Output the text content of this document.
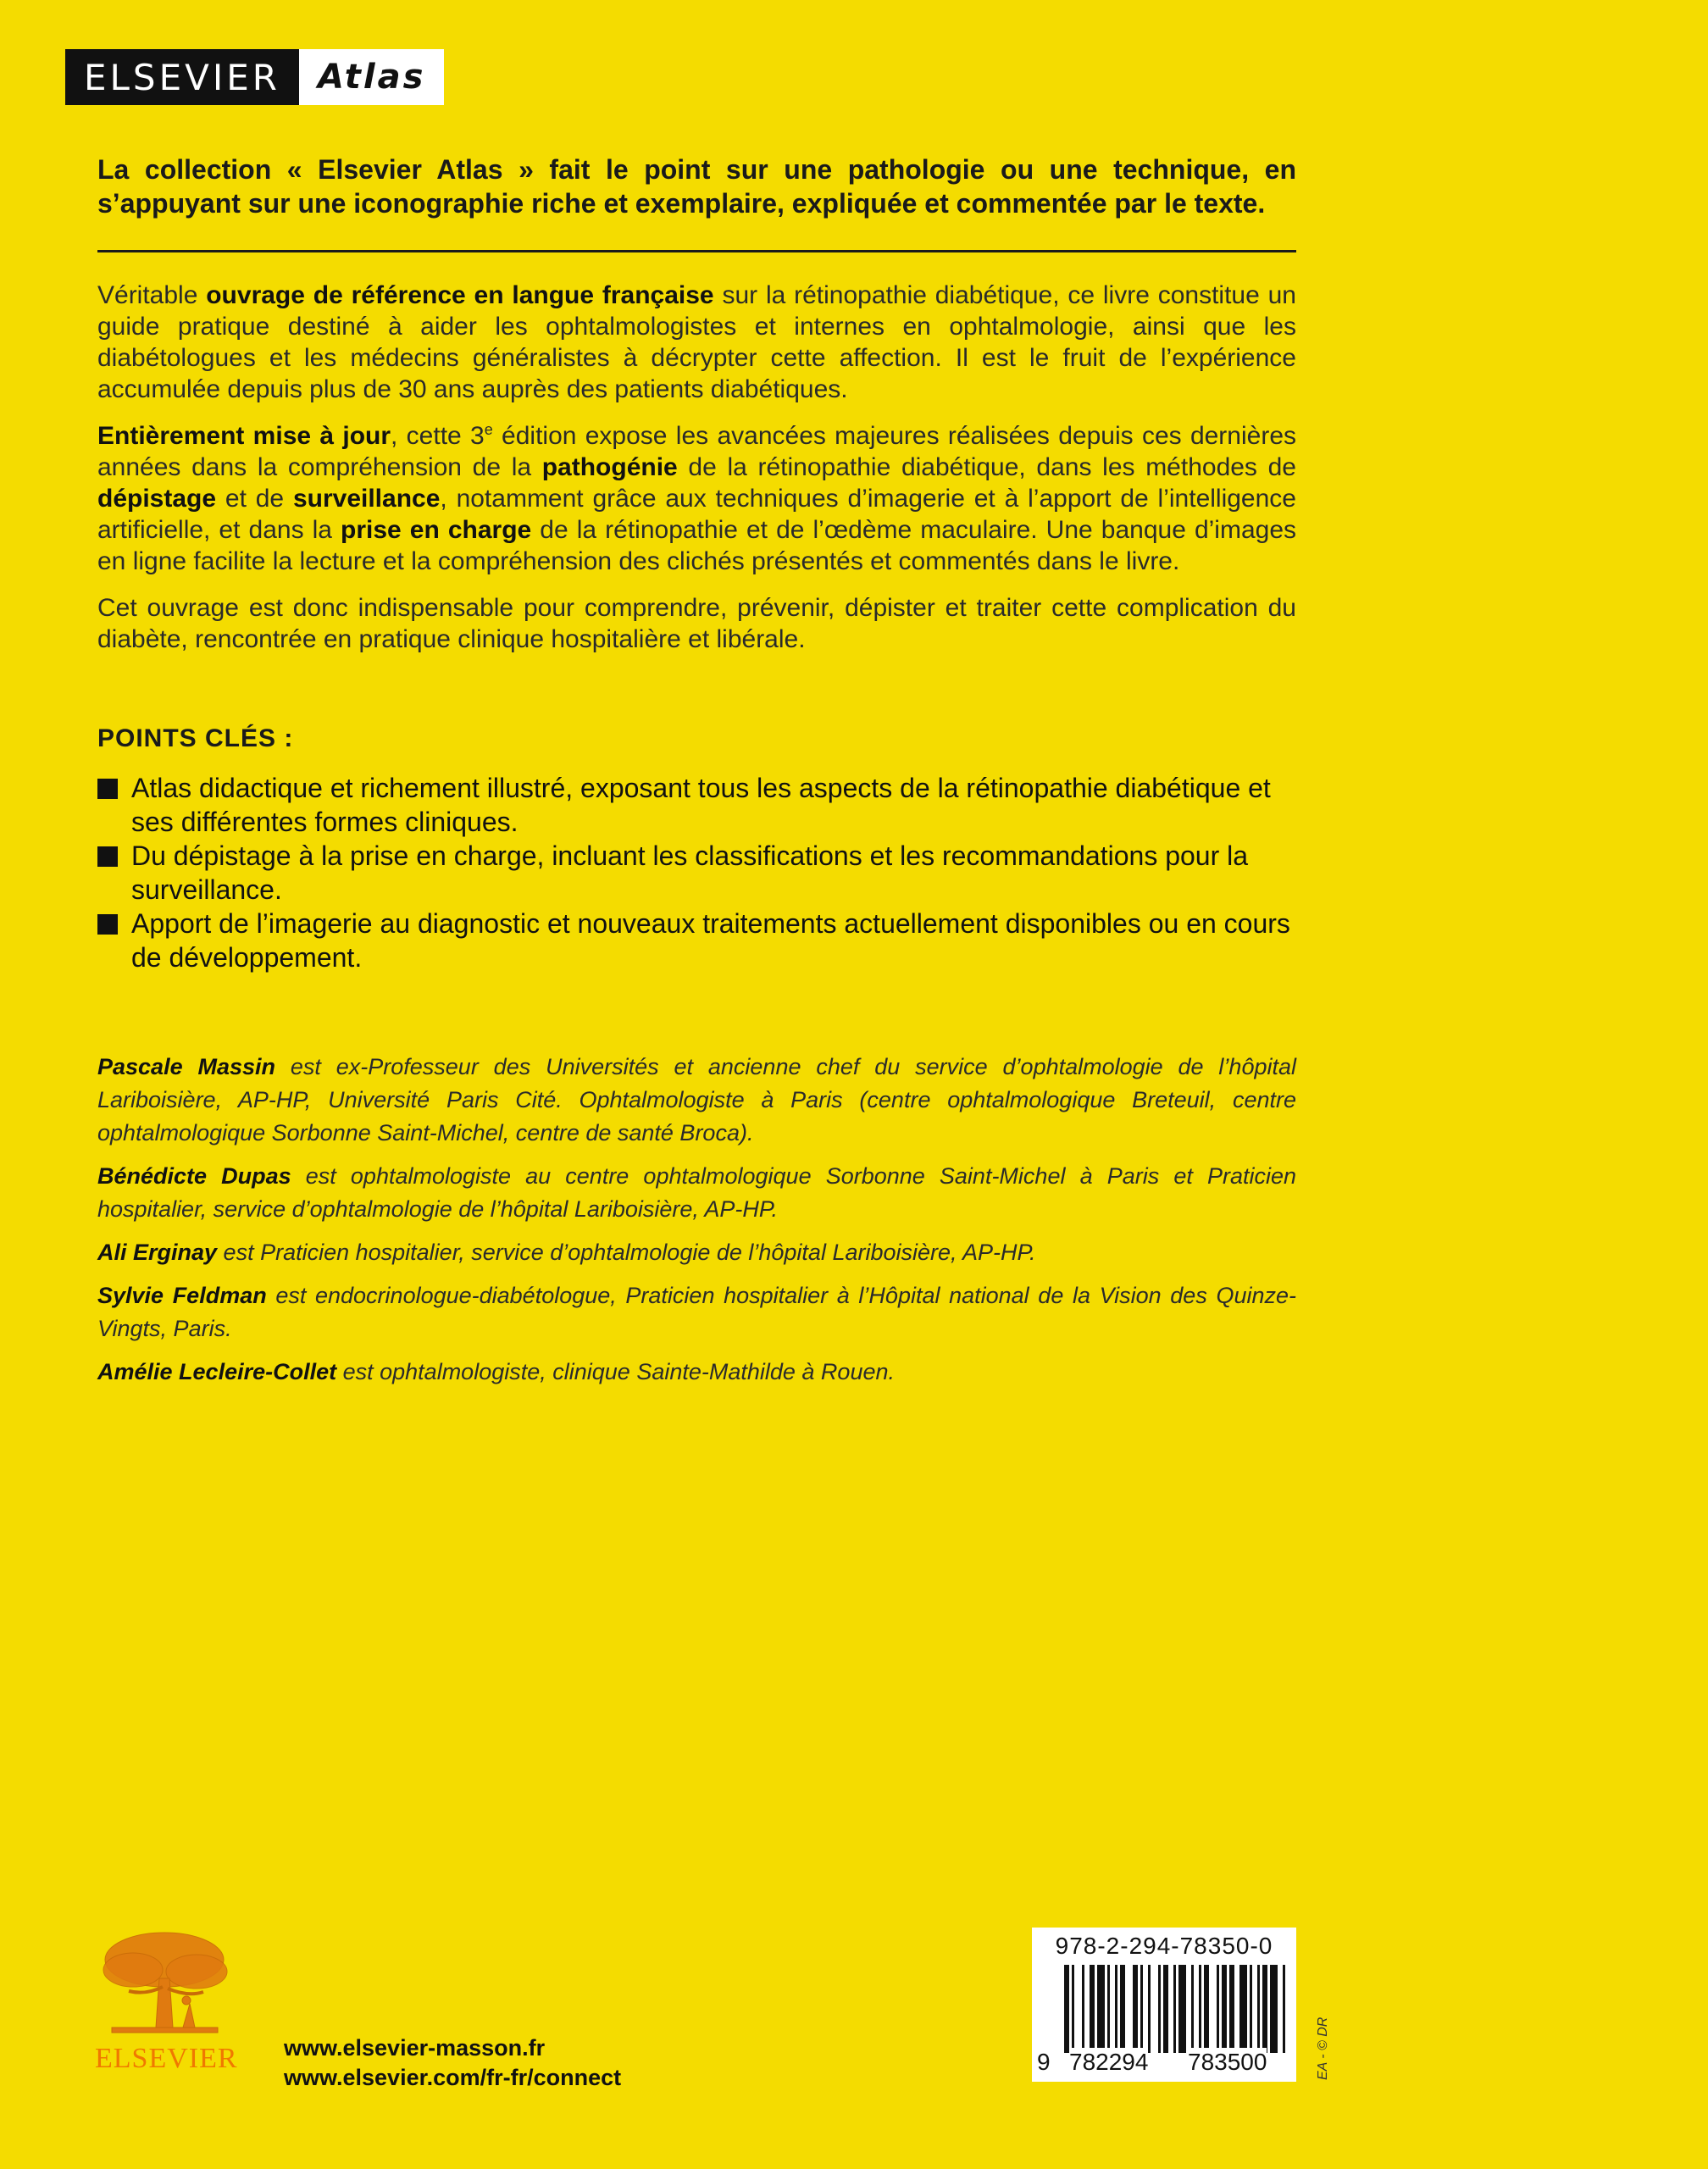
ELSEVIER	Atlas

La collection « Elsevier Atlas » fait le point sur une pathologie ou une technique, en s’appuyant sur une iconographie riche et exemplaire, expliquée et commentée par le texte.

Véritable ouvrage de référence en langue française sur la rétinopathie diabétique, ce livre constitue un guide pratique destiné à aider les ophtalmologistes et internes en ophtalmologie, ainsi que les diabétologues et les médecins généralistes à décrypter cette affection. Il est le fruit de l’expérience accumulée depuis plus de 30 ans auprès des patients diabétiques.

Entièrement mise à jour, cette 3e édition expose les avancées majeures réalisées depuis ces dernières années dans la compréhension de la pathogénie de la rétinopathie diabétique, dans les méthodes de dépistage et de surveillance, notamment grâce aux techniques d’imagerie et à l’apport de l’intelligence artificielle, et dans la prise en charge de la rétinopathie et de l’œdème maculaire. Une banque d’images en ligne facilite la lecture et la compréhension des clichés présentés et commentés dans le livre.

Cet ouvrage est donc indispensable pour comprendre, prévenir, dépister et traiter cette complication du diabète, rencontrée en pratique clinique hospitalière et libérale.

POINTS CLÉS :
Atlas didactique et richement illustré, exposant tous les aspects de la rétinopathie diabétique et ses différentes formes cliniques.
Du dépistage à la prise en charge, incluant les classifications et les recommandations pour la surveillance.
Apport de l’imagerie au diagnostic et nouveaux traitements actuellement disponibles ou en cours de développement.

Pascale Massin est ex-Professeur des Universités et ancienne chef du service d’ophtalmologie de l’hôpital Lariboisière, AP-HP, Université Paris Cité. Ophtalmologiste à Paris (centre ophtalmologique Breteuil, centre ophtalmologique Sorbonne Saint-Michel, centre de santé Broca).

Bénédicte Dupas est ophtalmologiste au centre ophtalmologique Sorbonne Saint-Michel à Paris et Praticien hospitalier, service d’ophtalmologie de l’hôpital Lariboisière, AP-HP.

Ali Erginay est Praticien hospitalier, service d’ophtalmologie de l’hôpital Lariboisière, AP-HP.

Sylvie Feldman est endocrinologue-diabétologue, Praticien hospitalier à l’Hôpital national de la Vision des Quinze-Vingts, Paris.

Amélie Lecleire-Collet est ophtalmologiste, clinique Sainte-Mathilde à Rouen.

ELSEVIER www.elsevier-masson.fr
www.elsevier.com/fr-fr/connect
978-2-294-78350-0
9 782294 783500	EA - © DR
